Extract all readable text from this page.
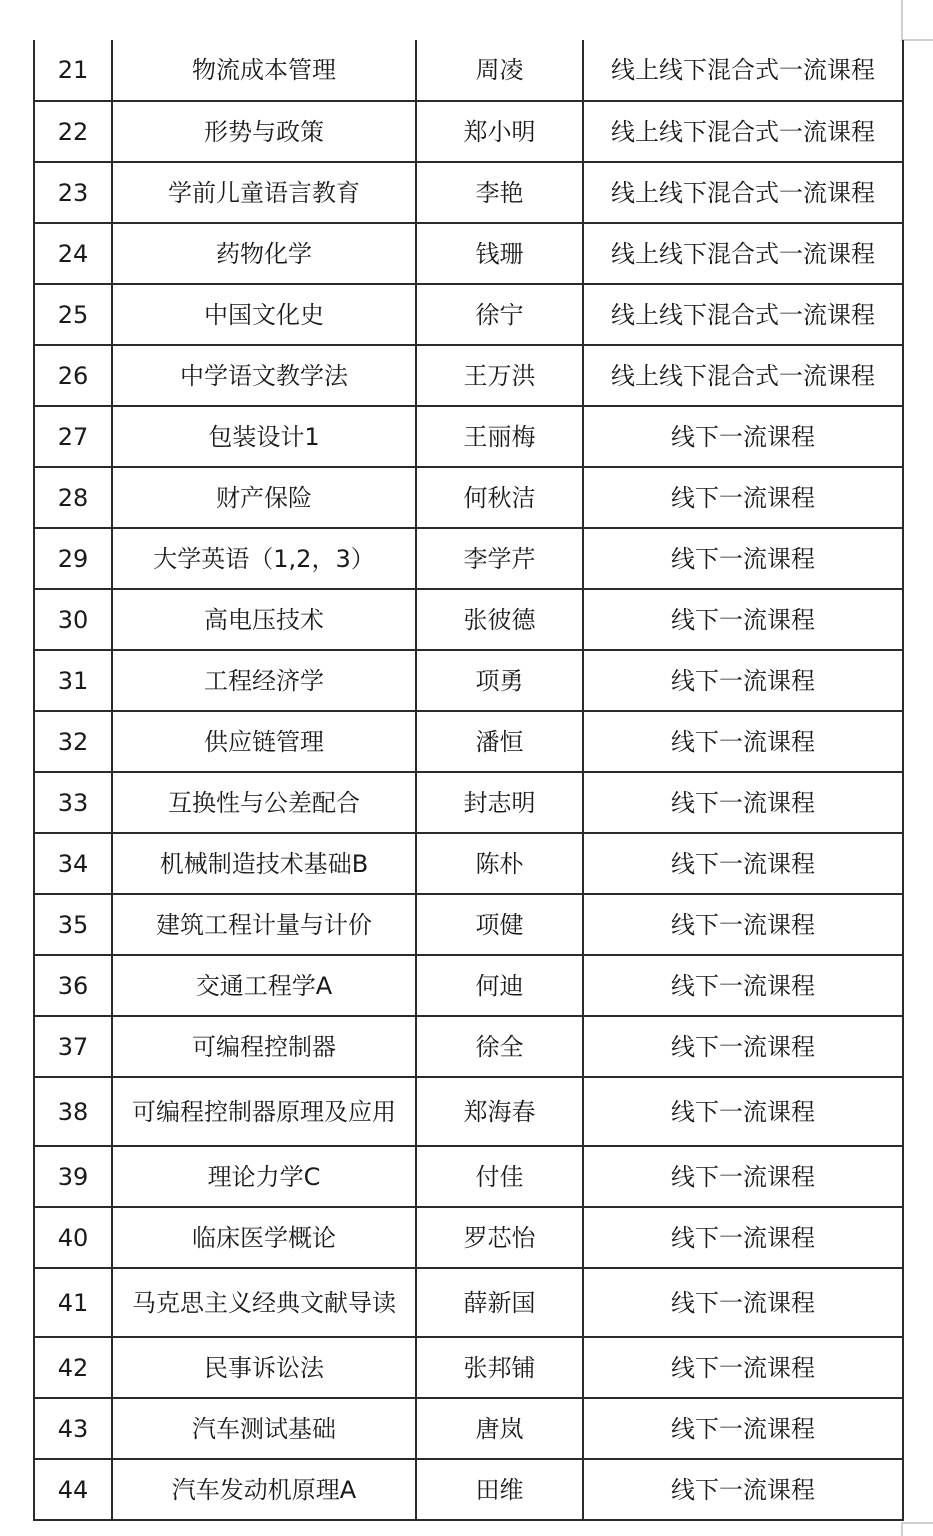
21	物流成本管理	周凌	线上线下混合式一流课程
22	形势与政策	郑小明	线上线下混合式一流课程
23	学前儿童语言教育	李艳	线上线下混合式一流课程
24	药物化学	钱珊	线上线下混合式一流课程
25	中国文化史	徐宁	线上线下混合式一流课程
26	中学语文教学法	王万洪	线上线下混合式一流课程
27	包装设计1	王丽梅	线下一流课程
28	财产保险	何秋洁	线下一流课程
29	大学英语（1,2，3）	李学芹	线下一流课程
30	高电压技术	张彼德	线下一流课程
31	工程经济学	项勇	线下一流课程
32	供应链管理	潘恒	线下一流课程
33	互换性与公差配合	封志明	线下一流课程
34	机械制造技术基础B	陈朴	线下一流课程
35	建筑工程计量与计价	项健	线下一流课程
36	交通工程学A	何迪	线下一流课程
37	可编程控制器	徐全	线下一流课程
38	可编程控制器原理及应用	郑海春	线下一流课程
39	理论力学C	付佳	线下一流课程
40	临床医学概论	罗芯怡	线下一流课程
41	马克思主义经典文献导读	薛新国	线下一流课程
42	民事诉讼法	张邦铺	线下一流课程
43	汽车测试基础	唐岚	线下一流课程
44	汽车发动机原理A	田维	线下一流课程
